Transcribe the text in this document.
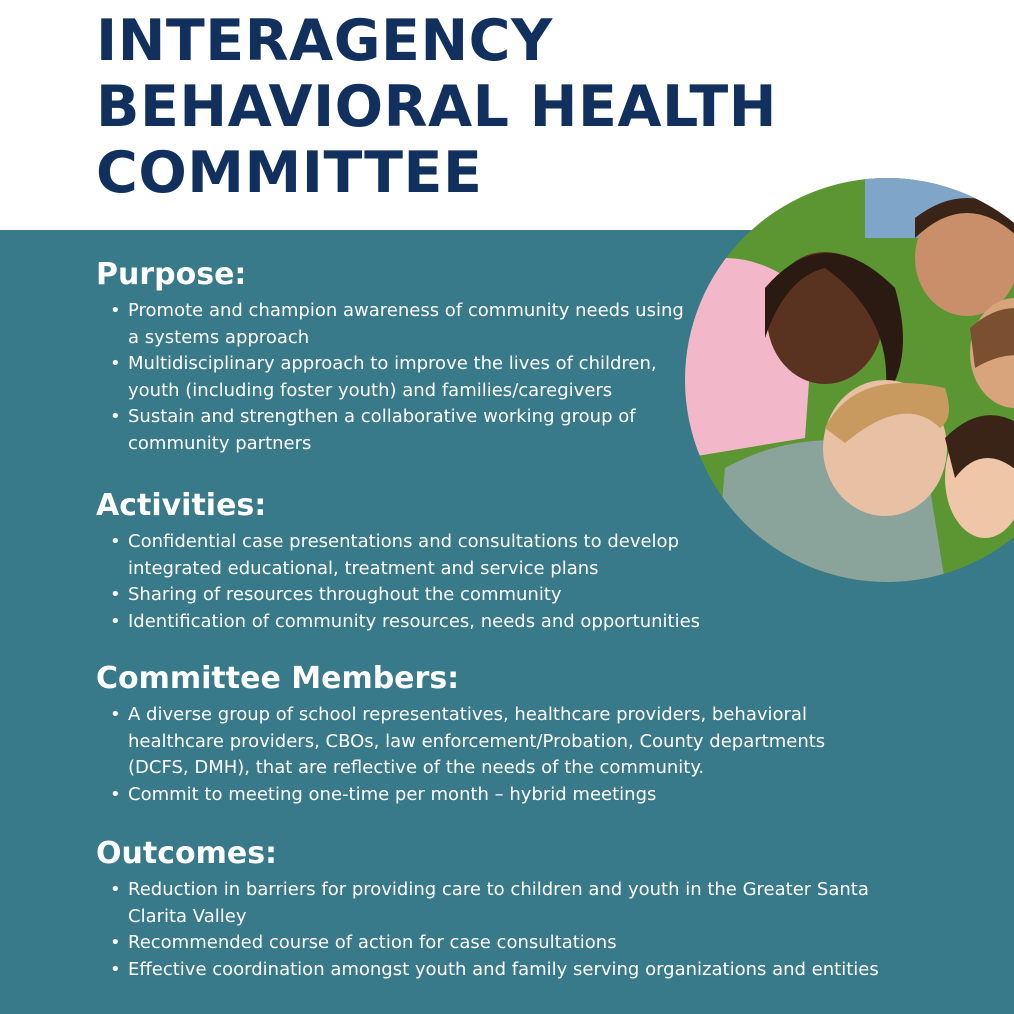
INTERAGENCY
BEHAVIORAL HEALTH
COMMITTEE
Purpose:
• Promote and champion awareness of community needs using a systems approach
• Multidisciplinary approach to improve the lives of children, youth (including foster youth) and families/caregivers
• Sustain and strengthen a collaborative working group of community partners
Activities:
• Confidential case presentations and consultations to develop integrated educational, treatment and service plans
• Sharing of resources throughout the community
• Identification of community resources, needs and opportunities
Committee Members:
• A diverse group of school representatives, healthcare providers, behavioral healthcare providers, CBOs, law enforcement/Probation, County departments (DCFS, DMH), that are reflective of the needs of the community.
• Commit to meeting one-time per month – hybrid meetings
Outcomes:
• Reduction in barriers for providing care to children and youth in the Greater Santa Clarita Valley
• Recommended course of action for case consultations
• Effective coordination amongst youth and family serving organizations and entities
